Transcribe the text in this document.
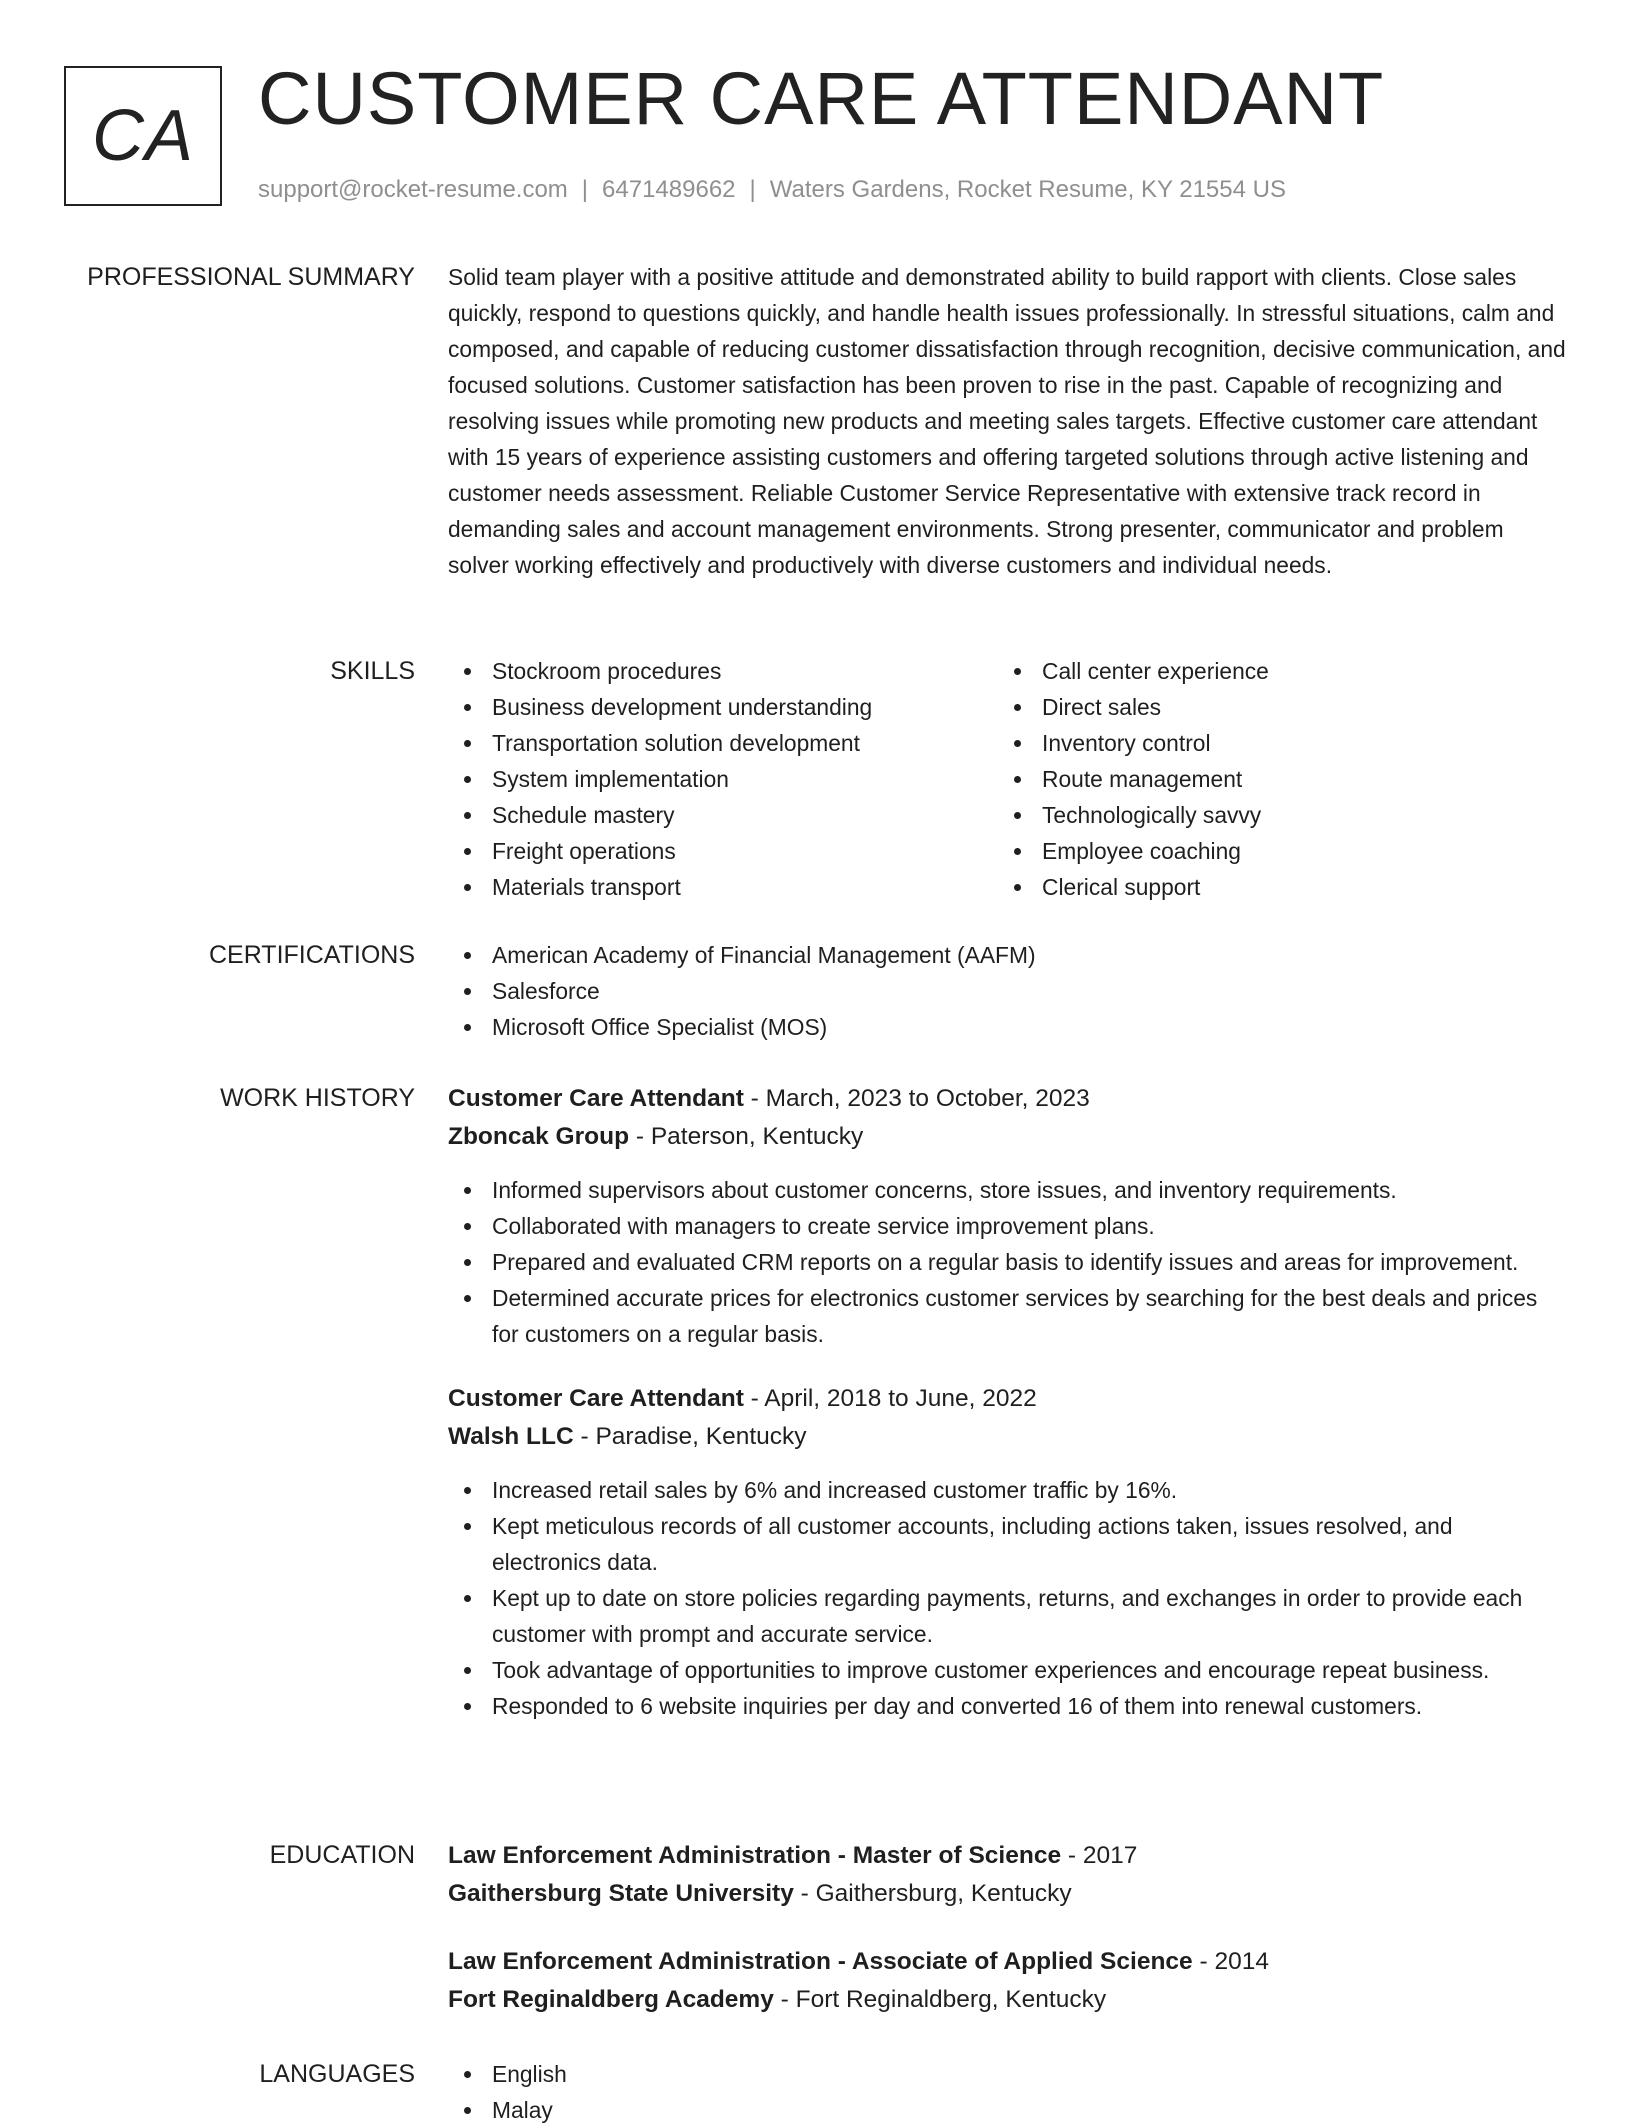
CA CUSTOMER CARE ATTENDANT
support@rocket-resume.com | 6471489662 | Waters Gardens, Rocket Resume, KY 21554 US
PROFESSIONAL SUMMARY Solid team player with a positive attitude and demonstrated ability to build rapport with clients. Close sales quickly, respond to questions quickly, and handle health issues professionally. In stressful situations, calm and composed, and capable of reducing customer dissatisfaction through recognition, decisive communication, and focused solutions. Customer satisfaction has been proven to rise in the past. Capable of recognizing and resolving issues while promoting new products and meeting sales targets. Effective customer care attendant with 15 years of experience assisting customers and offering targeted solutions through active listening and customer needs assessment. Reliable Customer Service Representative with extensive track record in demanding sales and account management environments. Strong presenter, communicator and problem solver working effectively and productively with diverse customers and individual needs.

SKILLS	Stockroom procedures
Business development understanding
Transportation solution development
System implementation
Schedule mastery
Freight operations
Materials transport
Call center experience
Direct sales
Inventory control
Route management
Technologically savvy
Employee coaching
Clerical support
CERTIFICATIONS	American Academy of Financial Management (AAFM)
Salesforce
Microsoft Office Specialist (MOS)
WORK HISTORY Customer Care Attendant - March, 2023 to October, 2023
Zboncak Group - Paterson, Kentucky
Informed supervisors about customer concerns, store issues, and inventory requirements.
Collaborated with managers to create service improvement plans.
Prepared and evaluated CRM reports on a regular basis to identify issues and areas for improvement.
Determined accurate prices for electronics customer services by searching for the best deals and prices for customers on a regular basis.
Customer Care Attendant - April, 2018 to June, 2022
Walsh LLC - Paradise, Kentucky
Increased retail sales by 6% and increased customer traffic by 16%.
Kept meticulous records of all customer accounts, including actions taken, issues resolved, and electronics data.
Kept up to date on store policies regarding payments, returns, and exchanges in order to provide each customer with prompt and accurate service.
Took advantage of opportunities to improve customer experiences and encourage repeat business.
Responded to 6 website inquiries per day and converted 16 of them into renewal customers.
EDUCATION Law Enforcement Administration - Master of Science - 2017
Gaithersburg State University - Gaithersburg, Kentucky
Law Enforcement Administration - Associate of Applied Science - 2014
Fort Reginaldberg Academy - Fort Reginaldberg, Kentucky
LANGUAGES	English
Malay
